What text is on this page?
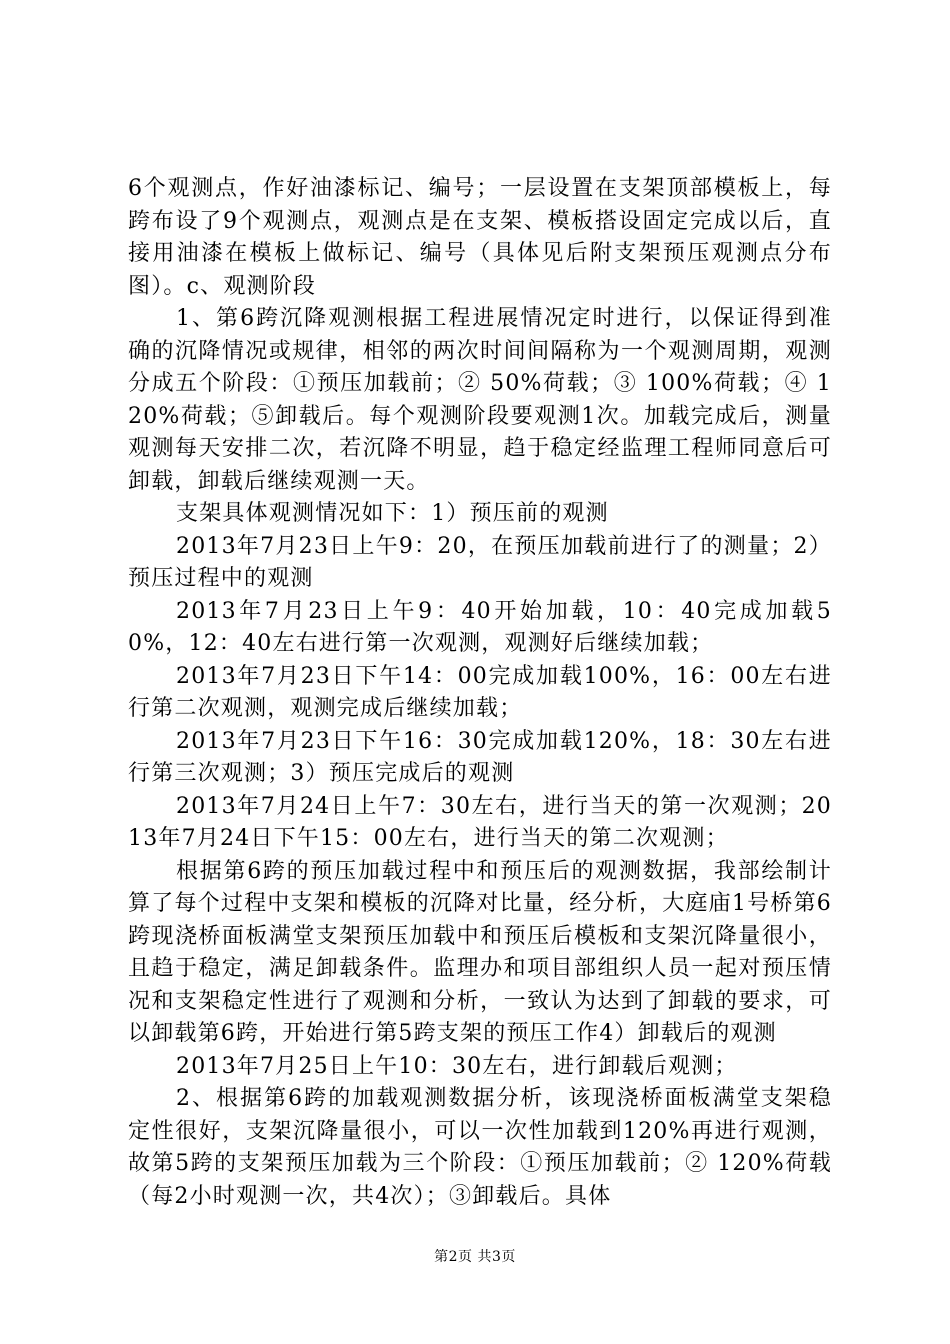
6个观测点，作好油漆标记、编号；一层设置在支架顶部模板上，每跨布设了9个观测点，观测点是在支架、模板搭设固定完成以后，直接用油漆在模板上做标记、编号（具体见后附支架预压观测点分布图）。c、观测阶段

1、第6跨沉降观测根据工程进展情况定时进行，以保证得到准确的沉降情况或规律，相邻的两次时间间隔称为一个观测周期，观测分成五个阶段：①预压加载前；② 50%荷载；③ 100%荷载；④ 120%荷载；⑤卸载后。每个观测阶段要观测1次。加载完成后，测量观测每天安排二次，若沉降不明显，趋于稳定经监理工程师同意后可卸载，卸载后继续观测一天。

支架具体观测情况如下：1）预压前的观测

2013年7月23日上午9：20，在预压加载前进行了的测量；2）预压过程中的观测

2013年7月23日上午9：40开始加载，10：40完成加载50%，12：40左右进行第一次观测，观测好后继续加载；

2013年7月23日下午14：00完成加载100%，16：00左右进行第二次观测，观测完成后继续加载；

2013年7月23日下午16：30完成加载120%，18：30左右进行第三次观测；3）预压完成后的观测

2013年7月24日上午7：30左右，进行当天的第一次观测；2013年7月24日下午15：00左右，进行当天的第二次观测；

根据第6跨的预压加载过程中和预压后的观测数据，我部绘制计算了每个过程中支架和模板的沉降对比量，经分析，大庭庙1号桥第6跨现浇桥面板满堂支架预压加载中和预压后模板和支架沉降量很小，且趋于稳定，满足卸载条件。监理办和项目部组织人员一起对预压情况和支架稳定性进行了观测和分析，一致认为达到了卸载的要求，可以卸载第6跨，开始进行第5跨支架的预压工作4）卸载后的观测

2013年7月25日上午10：30左右，进行卸载后观测；

2、根据第6跨的加载观测数据分析，该现浇桥面板满堂支架稳定性很好，支架沉降量很小，可以一次性加载到120%再进行观测，故第5跨的支架预压加载为三个阶段：①预压加载前；② 120%荷载（每2小时观测一次，共4次）；③卸载后。具体

第2页 共3页
